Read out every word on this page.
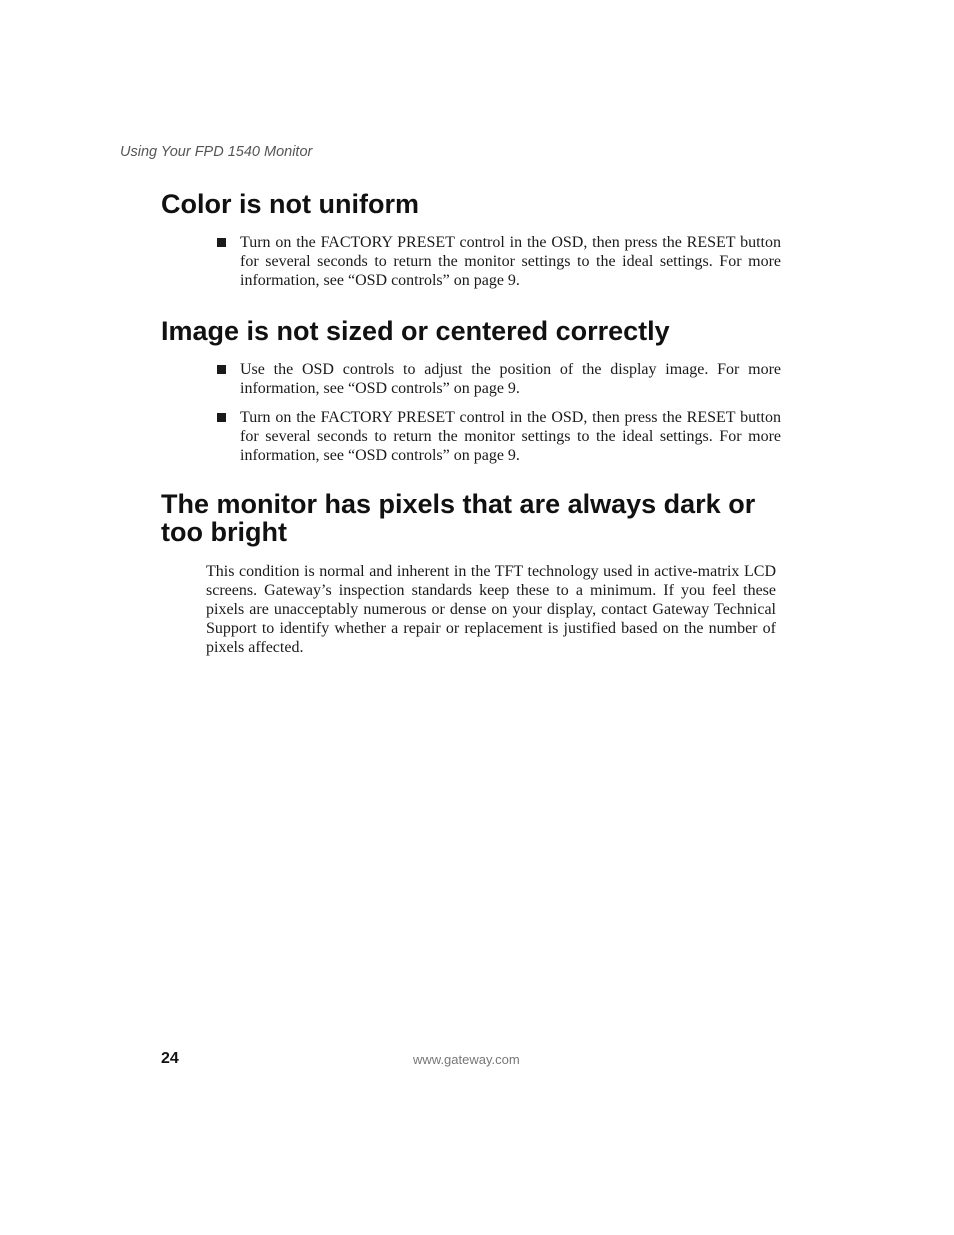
Using Your FPD 1540 Monitor
Color is not uniform
Turn on the FACTORY PRESET control in the OSD, then press the RESET button for several seconds to return the monitor settings to the ideal settings. For more information, see “OSD controls” on page 9.
Image is not sized or centered correctly
Use the OSD controls to adjust the position of the display image. For more information, see “OSD controls” on page 9.
Turn on the FACTORY PRESET control in the OSD, then press the RESET button for several seconds to return the monitor settings to the ideal settings. For more information, see “OSD controls” on page 9.
The monitor has pixels that are always dark or too bright

This condition is normal and inherent in the TFT technology used in active-matrix LCD screens. Gateway’s inspection standards keep these to a minimum. If you feel these pixels are unacceptably numerous or dense on your display, contact Gateway Technical Support to identify whether a repair or replacement is justified based on the number of pixels affected.

24	www.gateway.com
